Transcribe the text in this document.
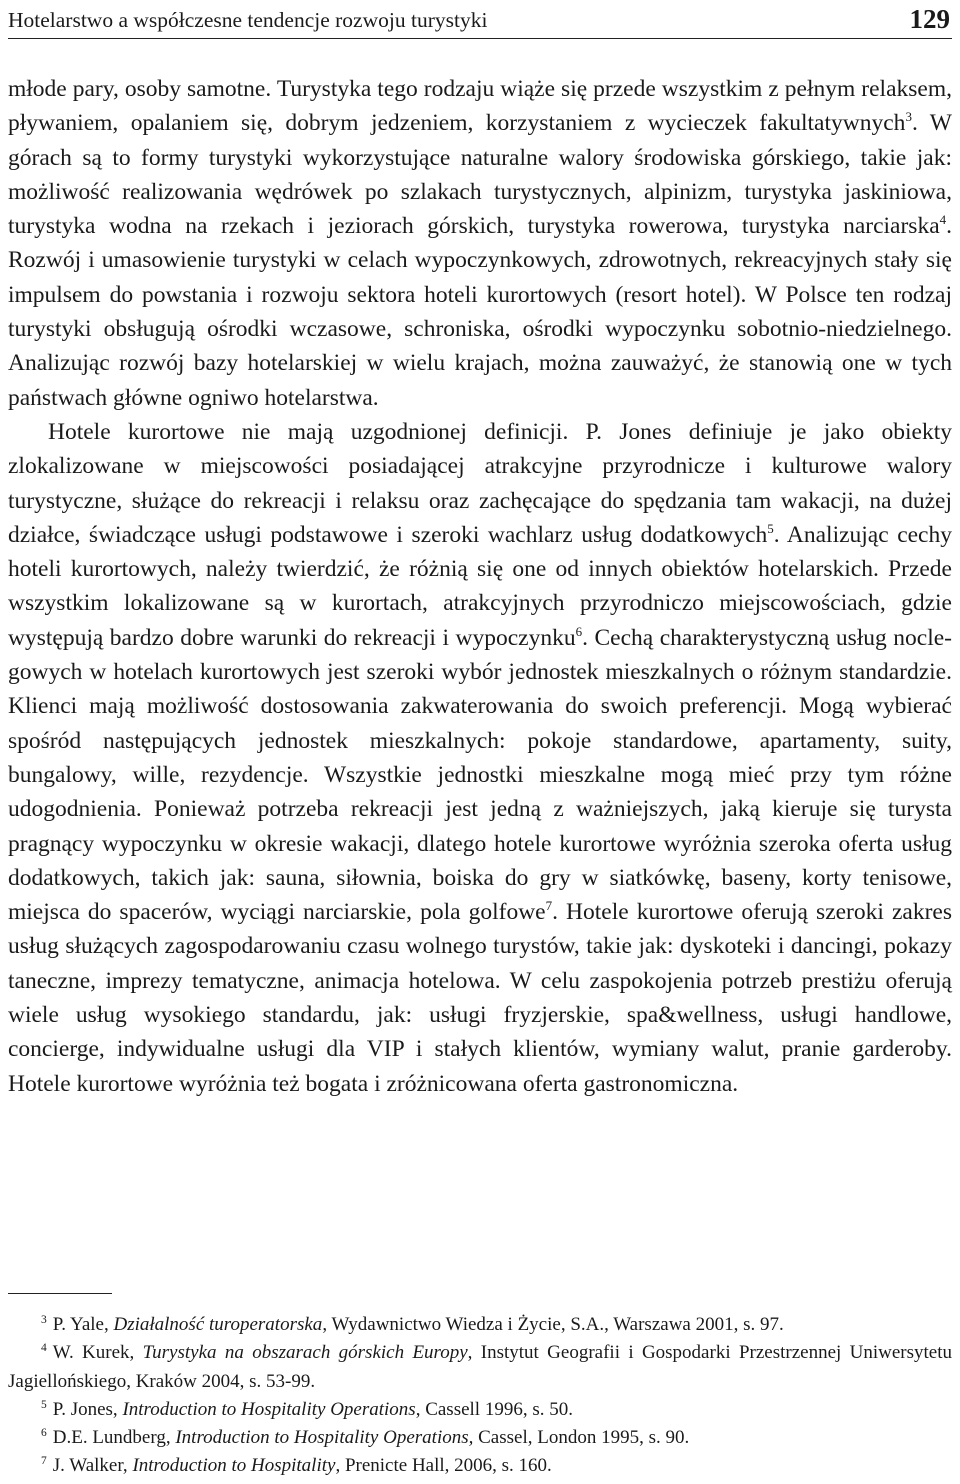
Hotelarstwo a współczesne tendencje rozwoju turystyki	129

młode pary, osoby samotne. Turystyka tego rodzaju wiąże się przede wszystkim z pełnym relaksem, pływaniem, opalaniem się, dobrym jedzeniem, korzystaniem z wycieczek fakultatywnych$^3$. W górach są to formy turystyki wykorzystujące naturalne walory środowiska górskiego, takie jak: możliwość realizowania wędrówek po szlakach turystycznych, alpinizm, turystyka jaskiniowa, turystyka wodna na rzekach i jeziorach górskich, turystyka rowerowa, turystyka narciarska$^4$. Rozwój i umasowienie turystyki w celach wypoczynkowych, zdrowotnych, rekreacyjnych stały się impulsem do powstania i rozwoju sektora hoteli kurortowych (resort hotel). W Polsce ten rodzaj turystyki obsługują ośrodki wczasowe, schroniska, ośrodki wypoczynku sobotnio-niedzielnego. Analizując rozwój bazy hotelarskiej w wielu krajach, można zauważyć, że stanowią one w tych państwach główne ogniwo hotelarstwa.

Hotele kurortowe nie mają uzgodnionej definicji. P. Jones definiuje je jako obiekty zlokalizowane w miejscowości posiadającej atrakcyjne przyrodnicze i kulturowe walory turystyczne, służące do rekreacji i relaksu oraz zachęcające do spędzania tam wakacji, na dużej działce, świadczące usługi podstawowe i szeroki wachlarz usług dodatkowych$^5$. Analizując cechy hoteli kurortowych, należy twierdzić, że różnią się one od innych obiektów hotelarskich. Przede wszystkim lokalizowane są w kurortach, atrakcyjnych przyrodniczo miejscowościach, gdzie występują bardzo dobre warunki do rekreacji i wypoczynku$^6$. Cechą charakterystyczną usług noclegowych w hotelach kurortowych jest szeroki wybór jednostek mieszkalnych o różnym standardzie. Klienci mają możliwość dostosowania zakwaterowania do swoich preferencji. Mogą wybierać spośród następujących jednostek mieszkalnych: pokoje standardowe, apartamenty, suity, bungalowy, wille, rezydencje. Wszystkie jednostki mieszkalne mogą mieć przy tym różne udogodnienia. Ponieważ potrzeba rekreacji jest jedną z ważniejszych, jaką kieruje się turysta pragnący wypoczynku w okresie wakacji, dlatego hotele kurortowe wyróżnia szeroka oferta usług dodatkowych, takich jak: sauna, siłownia, boiska do gry w siatkówkę, baseny, korty tenisowe, miejsca do spacerów, wyciągi narciarskie, pola golfowe$^7$. Hotele kurortowe oferują szeroki zakres usług służących zagospodarowaniu czasu wolnego turystów, takie jak: dyskoteki i dancingi, pokazy taneczne, imprezy tematyczne, animacja hotelowa. W celu zaspokojenia potrzeb prestiżu oferują wiele usług wysokiego standardu, jak: usługi fryzjerskie, spa&wellness, usługi handlowe, concierge, indywidualne usługi dla VIP i stałych klientów, wymiany walut, pranie garderoby. Hotele kurortowe wyróżnia też bogata i zróżnicowana oferta gastronomiczna.

$^3$ P. Yale, Działalność turoperatorska, Wydawnictwo Wiedza i Życie, S.A., Warszawa 2001, s. 97.

$^4$ W. Kurek, Turystyka na obszarach górskich Europy, Instytut Geografii i Gospodarki Przestrzennej Uniwersytetu Jagiellońskiego, Kraków 2004, s. 53-99.

$^5$ P. Jones, Introduction to Hospitality Operations, Cassell 1996, s. 50.

$^6$ D.E. Lundberg, Introduction to Hospitality Operations, Cassel, London 1995, s. 90.

$^7$ J. Walker, Introduction to Hospitality, Prenicte Hall, 2006, s. 160.
